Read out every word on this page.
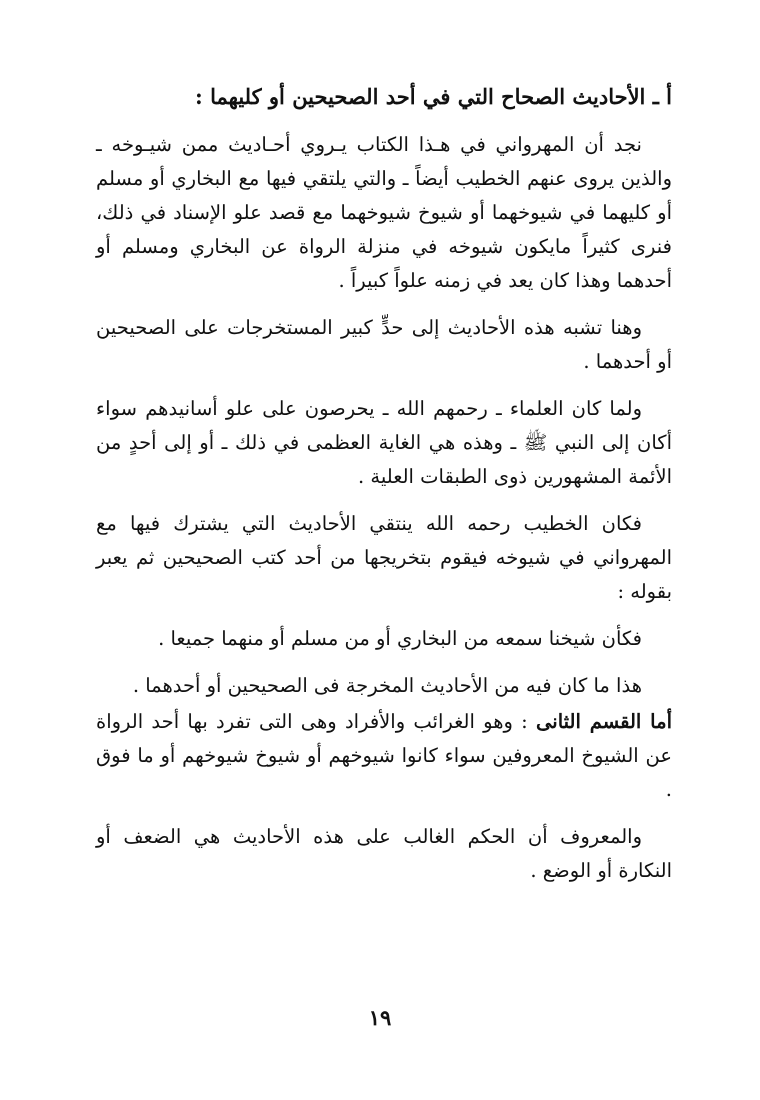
أ ـ الأحاديث الصحاح التي في أحد الصحيحين أو كليهما :

نجد أن المهرواني في هـذا الكتاب يـروي أحـاديث ممن شيـوخه ـ والذين يروى عنهم الخطيب أيضاً ـ والتي يلتقي فيها مع البخاري أو مسلم أو كليهما في شيوخهما أو شيوخ شيوخهما مع قصد علو الإسناد في ذلك، فنرى كثيراً مايكون شيوخه في منزلة الرواة عن البخاري ومسلم أو أحدهما وهذا كان يعد في زمنه علواً كبيراً .

وهنا تشبه هذه الأحاديث إلى حدٍّ كبير المستخرجات على الصحيحين أو أحدهما .

ولما كان العلماء ـ رحمهم الله ـ يحرصون على علو أسانيدهم سواء أكان إلى النبي ﷺ ـ وهذه هي الغاية العظمى في ذلك ـ أو إلى أحدٍ من الأئمة المشهورين ذوى الطبقات العلية .

فكان الخطيب رحمه الله ينتقي الأحاديث التي يشترك فيها مع المهرواني في شيوخه فيقوم بتخريجها من أحد كتب الصحيحين ثم يعبر بقوله :

فكأن شيخنا سمعه من البخاري أو من مسلم أو منهما جميعا .

هذا ما كان فيه من الأحاديث المخرجة فى الصحيحين أو أحدهما .

أما القسم الثانى : وهو الغرائب والأفراد وهى التى تفرد بها أحد الرواة عن الشيوخ المعروفين سواء كانوا شيوخهم أو شيوخ شيوخهم أو ما فوق .

والمعروف أن الحكم الغالب على هذه الأحاديث هي الضعف أو النكارة أو الوضع .

١٩
